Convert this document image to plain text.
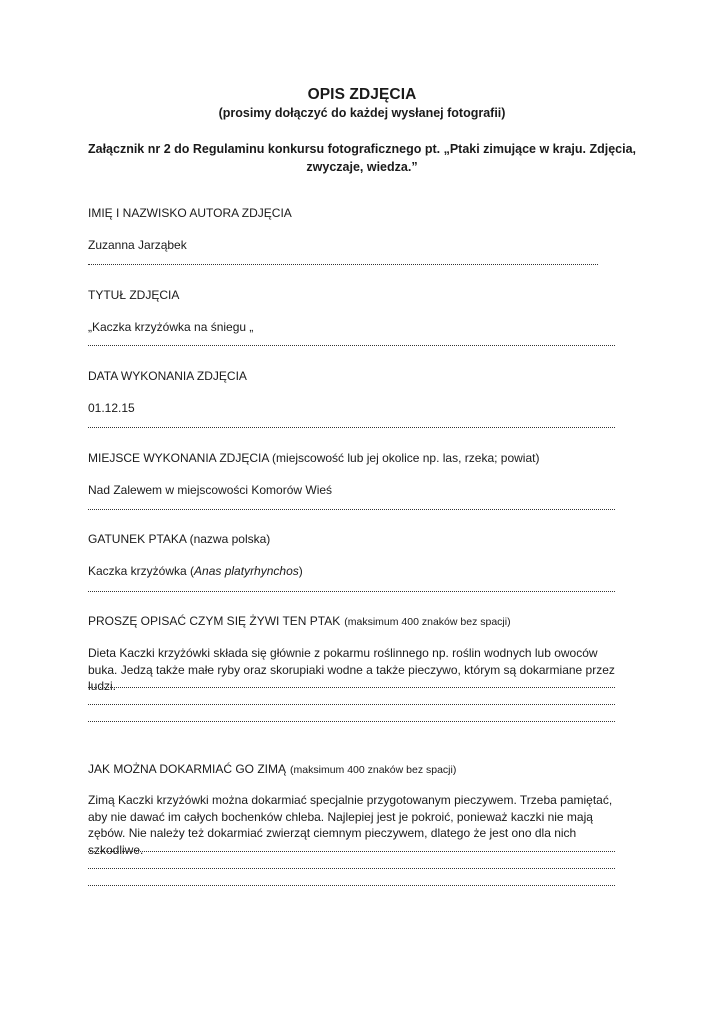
OPIS ZDJĘCIA
(prosimy dołączyć do każdej wysłanej fotografii)
Załącznik nr 2 do Regulaminu konkursu fotograficznego pt. „Ptaki zimujące w kraju. Zdjęcia, zwyczaje, wiedza.”
IMIĘ I NAZWISKO AUTORA ZDJĘCIA
Zuzanna Jarząbek
TYTUŁ ZDJĘCIA
„Kaczka krzyżówka na śniegu „
DATA WYKONANIA ZDJĘCIA
01.12.15
MIEJSCE WYKONANIA ZDJĘCIA (miejscowość lub jej okolice np. las, rzeka; powiat)
Nad Zalewem w miejscowości Komorów Wieś
GATUNEK PTAKA (nazwa polska)
Kaczka krzyżówka (Anas platyrhynchos)
PROSZĘ OPISAĆ CZYM SIĘ ŻYWI TEN PTAK (maksimum 400 znaków bez spacji)
Dieta Kaczki krzyżówki składa się głównie z pokarmu roślinnego np. roślin wodnych lub owoców buka. Jedzą także małe ryby oraz skorupiaki wodne a także pieczywo, którym są dokarmiane przez ludzi.
JAK MOŻNA DOKARMIAĆ GO ZIMĄ (maksimum 400 znaków bez spacji)
Zimą Kaczki krzyżówki można dokarmiać specjalnie przygotowanym pieczywem. Trzeba pamiętać, aby nie dawać im całych bochenków chleba. Najlepiej jest je pokroić, ponieważ kaczki nie mają zębów. Nie należy też dokarmiać zwierząt ciemnym pieczywem, dlatego że jest ono dla nich szkodliwe.
